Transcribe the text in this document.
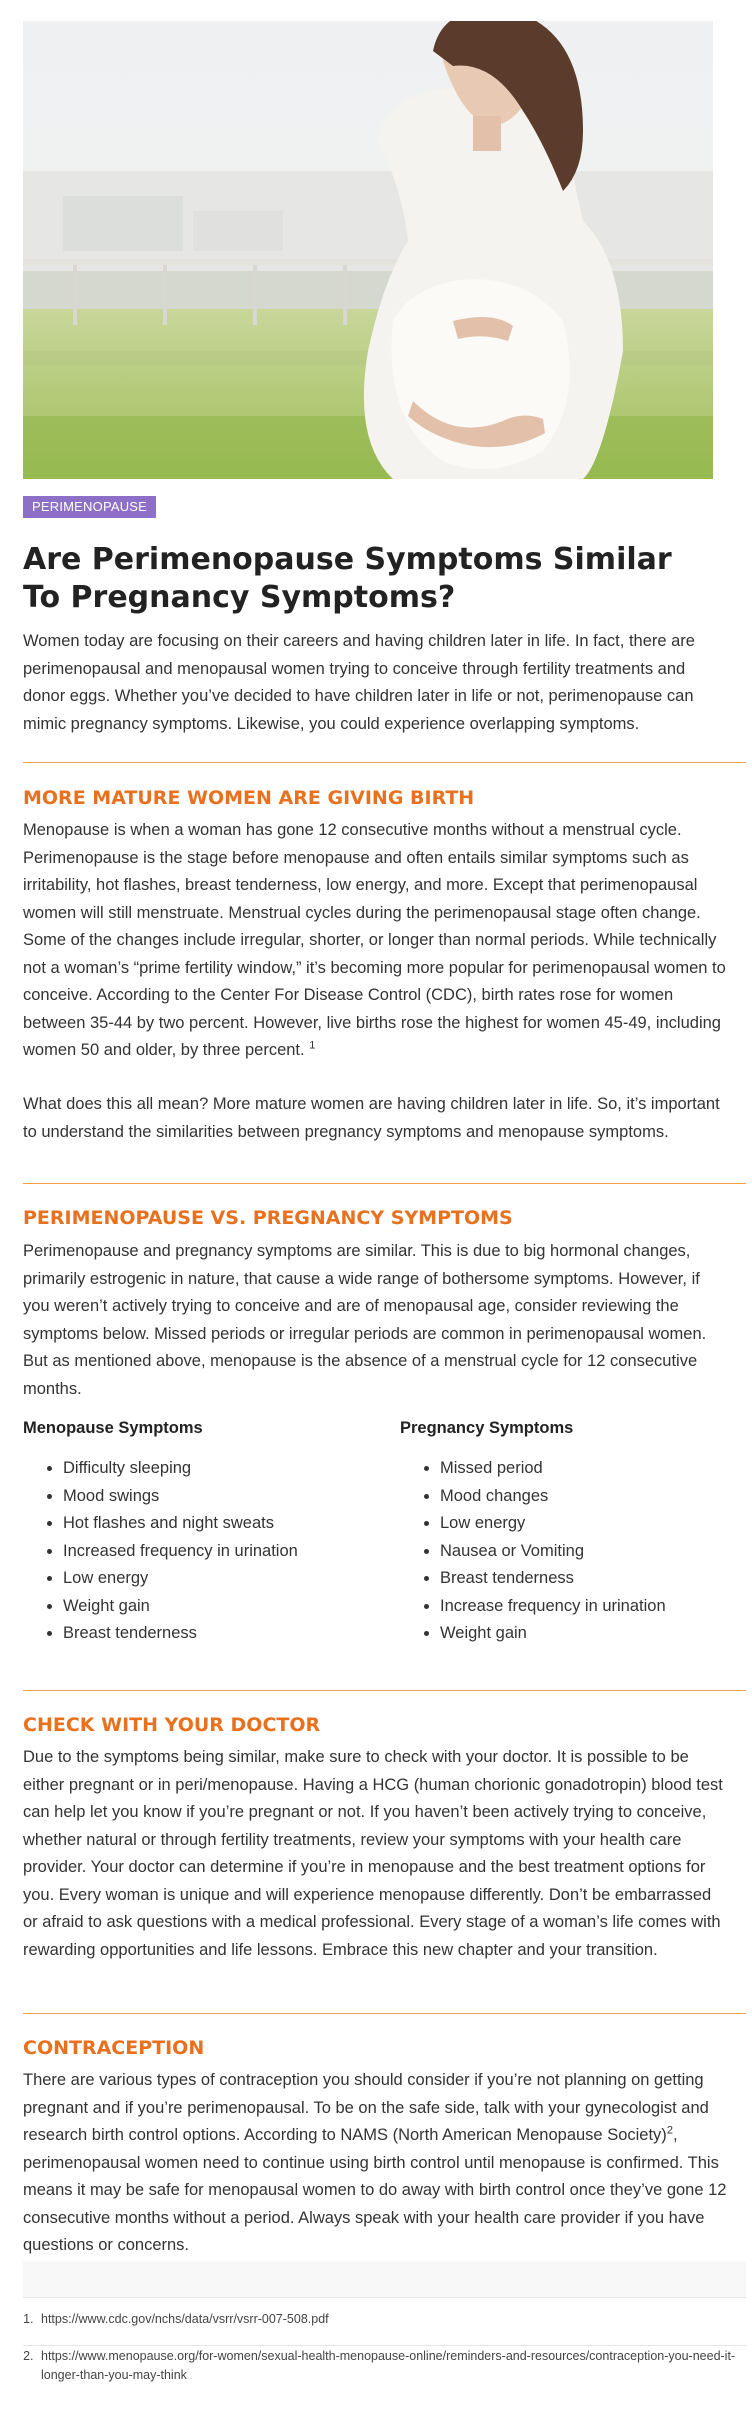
PERIMENOPAUSE
Are Perimenopause Symptoms Similar To Pregnancy Symptoms?

Women today are focusing on their careers and having children later in life. In fact, there are perimenopausal and menopausal women trying to conceive through fertility treatments and donor eggs. Whether you’ve decided to have children later in life or not, perimenopause can mimic pregnancy symptoms. Likewise, you could experience overlapping symptoms.

MORE MATURE WOMEN ARE GIVING BIRTH

Menopause is when a woman has gone 12 consecutive months without a menstrual cycle. Perimenopause is the stage before menopause and often entails similar symptoms such as irritability, hot flashes, breast tenderness, low energy, and more. Except that perimenopausal women will still menstruate. Menstrual cycles during the perimenopausal stage often change. Some of the changes include irregular, shorter, or longer than normal periods. While technically not a woman’s “prime fertility window,” it’s becoming more popular for perimenopausal women to conceive. According to the Center For Disease Control (CDC), birth rates rose for women between 35-44 by two percent. However, live births rose the highest for women 45-49, including women 50 and older, by three percent. $^1$

What does this all mean? More mature women are having children later in life. So, it’s important to understand the similarities between pregnancy symptoms and menopause symptoms.

PERIMENOPAUSE VS. PREGNANCY SYMPTOMS

Perimenopause and pregnancy symptoms are similar. This is due to big hormonal changes, primarily estrogenic in nature, that cause a wide range of bothersome symptoms. However, if you weren’t actively trying to conceive and are of menopausal age, consider reviewing the symptoms below. Missed periods or irregular periods are common in perimenopausal women. But as mentioned above, menopause is the absence of a menstrual cycle for 12 consecutive months.

Menopause Symptoms
• Difficulty sleeping
• Mood swings
• Hot flashes and night sweats
• Increased frequency in urination
• Low energy
• Weight gain
• Breast tenderness
Pregnancy Symptoms
• Missed period
• Mood changes
• Low energy
• Nausea or Vomiting
• Breast tenderness
• Increase frequency in urination
• Weight gain
CHECK WITH YOUR DOCTOR

Due to the symptoms being similar, make sure to check with your doctor. It is possible to be either pregnant or in peri/menopause. Having a HCG (human chorionic gonadotropin) blood test can help let you know if you’re pregnant or not. If you haven’t been actively trying to conceive, whether natural or through fertility treatments, review your symptoms with your health care provider. Your doctor can determine if you’re in menopause and the best treatment options for you. Every woman is unique and will experience menopause differently. Don’t be embarrassed or afraid to ask questions with a medical professional. Every stage of a woman’s life comes with rewarding opportunities and life lessons. Embrace this new chapter and your transition.

CONTRACEPTION

There are various types of contraception you should consider if you’re not planning on getting pregnant and if you’re perimenopausal. To be on the safe side, talk with your gynecologist and research birth control options. According to NAMS (North American Menopause Society)$^2$, perimenopausal women need to continue using birth control until menopause is confirmed. This means it may be safe for menopausal women to do away with birth control once they’ve gone 12 consecutive months without a period. Always speak with your health care provider if you have questions or concerns.

1. https://www.cdc.gov/nchs/data/vsrr/vsrr-007-508.pdf
2. https://www.menopause.org/for-women/sexual-health-menopause-online/reminders-and-resources/contraception-you-need-it-longer-than-you-may-think
